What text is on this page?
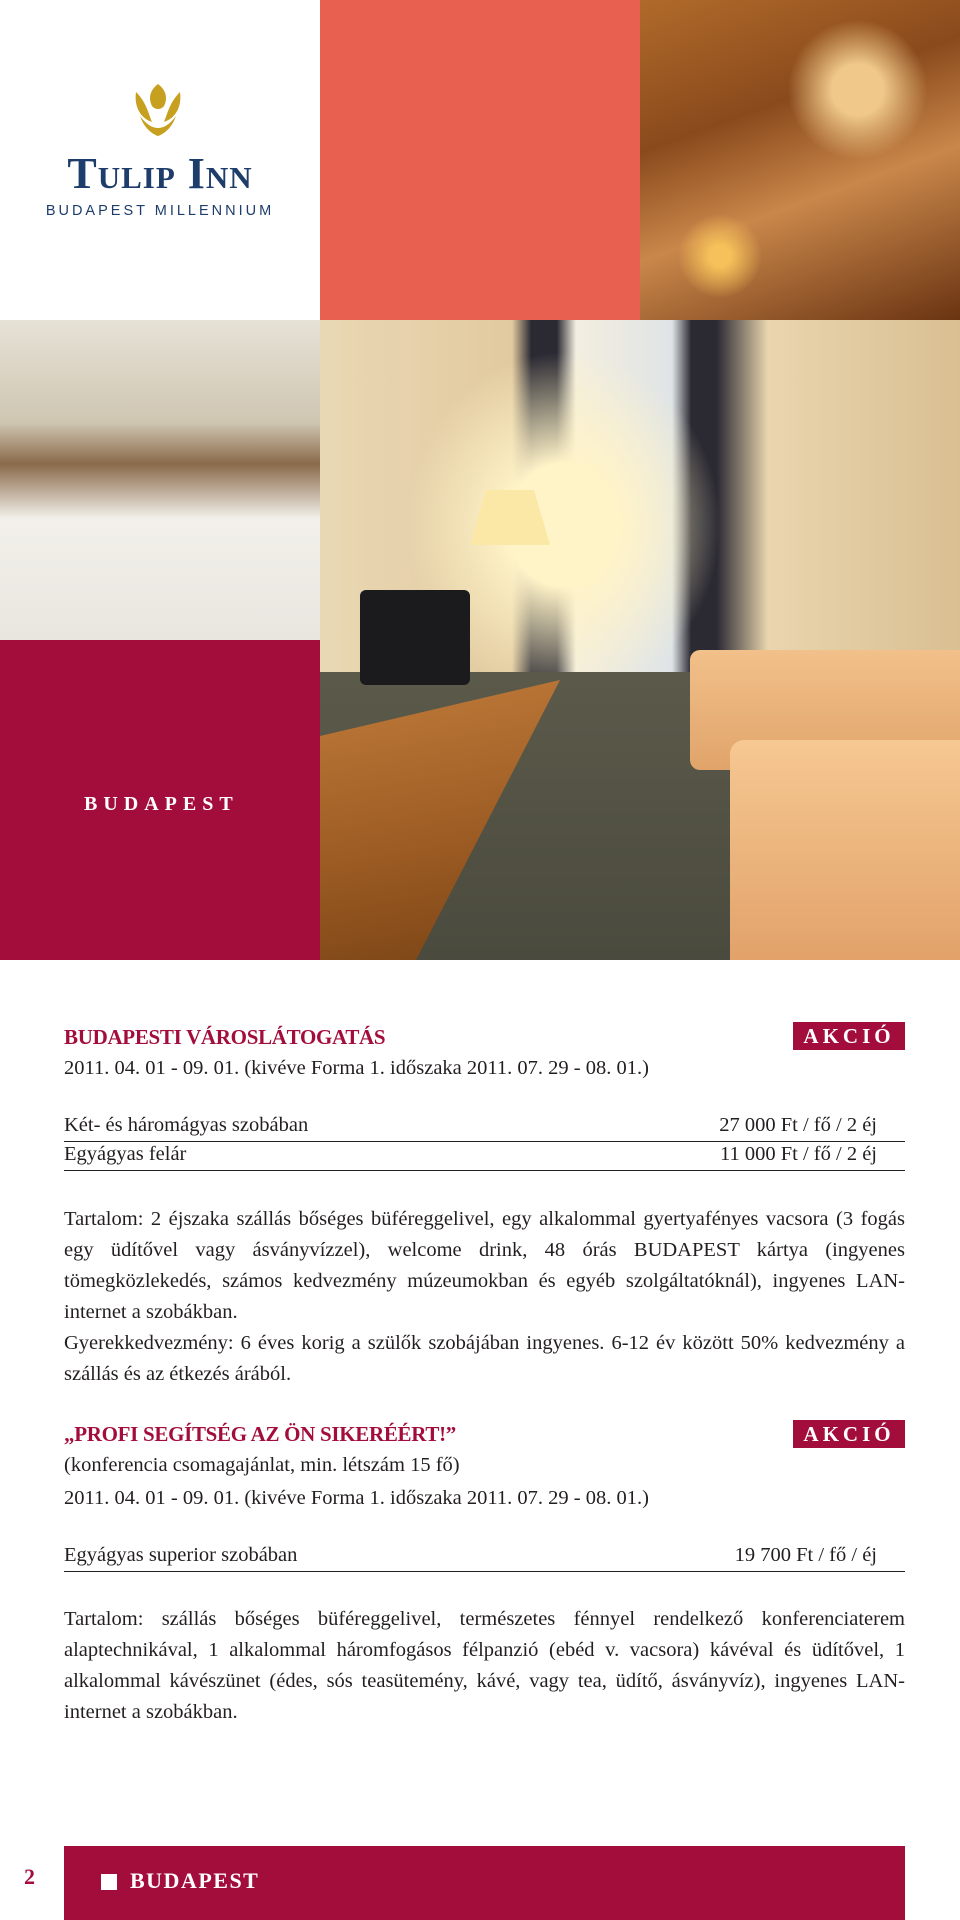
Tulip Inn
BUDAPEST MILLENNIUM
BUDAPEST
BUDAPESTI VÁROSLÁTOGATÁS	AKCIÓ
2011. 04. 01 - 09. 01. (kivéve Forma 1. időszaka 2011. 07. 29 - 08. 01.)
Két- és háromágyas szobában	27 000 Ft / fő / 2 éj
Egyágyas felár	11 000 Ft / fő / 2 éj
Tartalom: 2 éjszaka szállás bőséges büféreggelivel, egy alkalommal gyertyafényes vacsora (3 fogás egy üdítővel vagy ásványvízzel), welcome drink, 48 órás BUDAPEST kártya (ingyenes tömegközlekedés, számos kedvezmény múzeumokban és egyéb szolgáltatóknál), ingyenes LAN-internet a szobákban.
Gyerekkedvezmény: 6 éves korig a szülők szobájában ingyenes. 6-12 év között 50% kedvezmény a szállás és az étkezés árából.
„PROFI SEGÍTSÉG AZ ÖN SIKERÉÉRT!”	AKCIÓ
(konferencia csomagajánlat, min. létszám 15 fő)
2011. 04. 01 - 09. 01. (kivéve Forma 1. időszaka 2011. 07. 29 - 08. 01.)
Egyágyas superior szobában	19 700 Ft / fő / éj
Tartalom: szállás bőséges büféreggelivel, természetes fénnyel rendelkező konferenciaterem alaptechnikával, 1 alkalommal háromfogásos félpanzió (ebéd v. vacsora) kávéval és üdítővel, 1 alkalommal kávészünet (édes, sós teasütemény, kávé, vagy tea, üdítő, ásványvíz), ingyenes LAN-internet a szobákban.
2	BUDAPEST
